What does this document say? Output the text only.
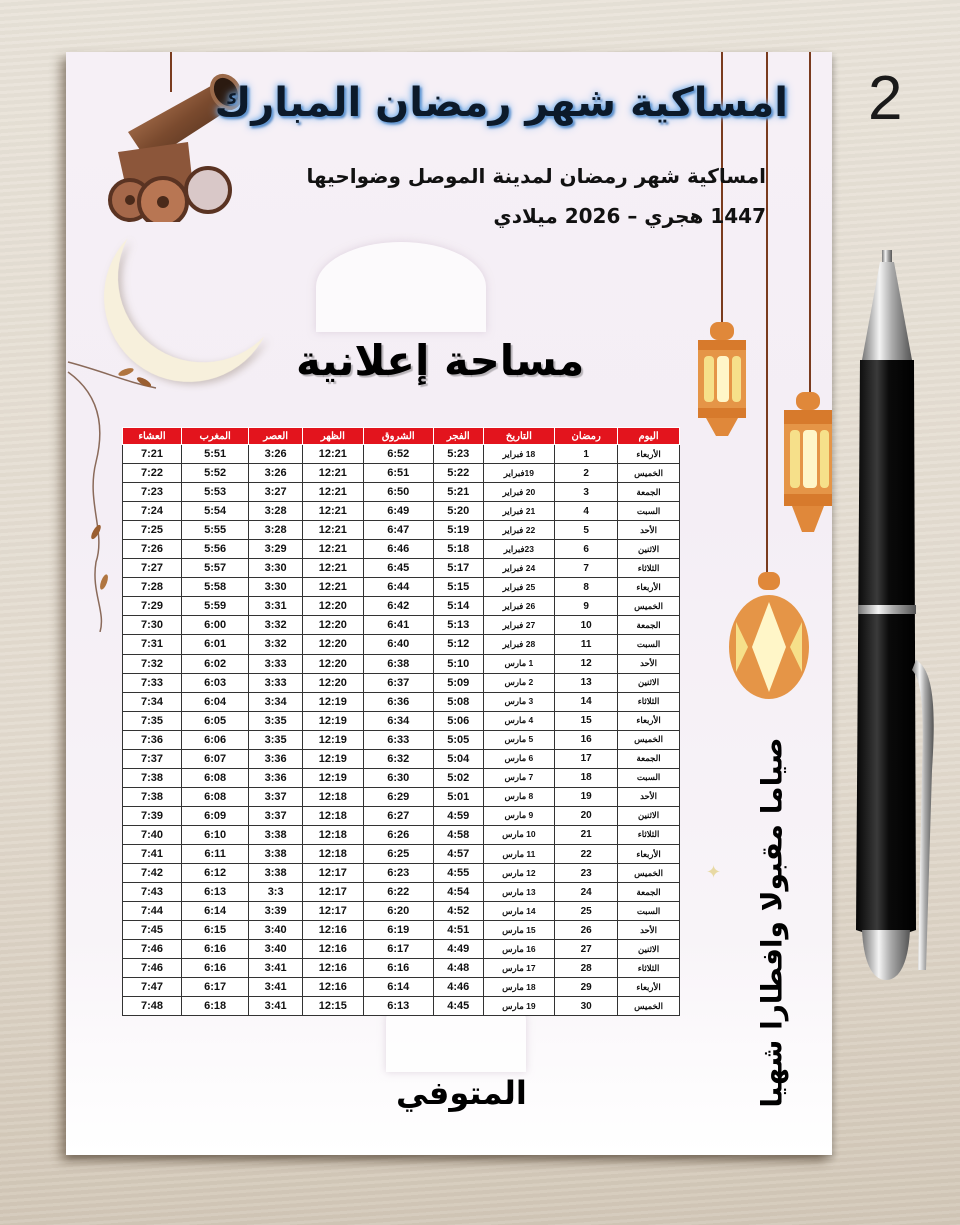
2
✦
امساكية شهر رمضان المبارك
امساكية شهر رمضان لمدينة الموصل وضواحيها
1447 هجري – 2026 ميلادي
مساحة إعلانية
اليوم	رمضان	التاريخ	الفجر	الشروق	الظهر	العصر	المغرب	العشاء
الأربعاء	1	18 فبراير	5:23	6:52	12:21	3:26	5:51	7:21
الخميس	2	19فبراير	5:22	6:51	12:21	3:26	5:52	7:22
الجمعة	3	20 فبراير	5:21	6:50	12:21	3:27	5:53	7:23
السبت	4	21 فبراير	5:20	6:49	12:21	3:28	5:54	7:24
الأحد	5	22 فبراير	5:19	6:47	12:21	3:28	5:55	7:25
الاثنين	6	23فبراير	5:18	6:46	12:21	3:29	5:56	7:26
الثلاثاء	7	24 فبراير	5:17	6:45	12:21	3:30	5:57	7:27
الأربعاء	8	25 فبراير	5:15	6:44	12:21	3:30	5:58	7:28
الخميس	9	26 فبراير	5:14	6:42	12:20	3:31	5:59	7:29
الجمعة	10	27 فبراير	5:13	6:41	12:20	3:32	6:00	7:30
السبت	11	28 فبراير	5:12	6:40	12:20	3:32	6:01	7:31
الأحد	12	1 مارس	5:10	6:38	12:20	3:33	6:02	7:32
الاثنين	13	2 مارس	5:09	6:37	12:20	3:33	6:03	7:33
الثلاثاء	14	3 مارس	5:08	6:36	12:19	3:34	6:04	7:34
الأربعاء	15	4 مارس	5:06	6:34	12:19	3:35	6:05	7:35
الخميس	16	5 مارس	5:05	6:33	12:19	3:35	6:06	7:36
الجمعة	17	6 مارس	5:04	6:32	12:19	3:36	6:07	7:37
السبت	18	7 مارس	5:02	6:30	12:19	3:36	6:08	7:38
الأحد	19	8 مارس	5:01	6:29	12:18	3:37	6:08	7:38
الاثنين	20	9 مارس	4:59	6:27	12:18	3:37	6:09	7:39
الثلاثاء	21	10 مارس	4:58	6:26	12:18	3:38	6:10	7:40
الأربعاء	22	11 مارس	4:57	6:25	12:18	3:38	6:11	7:41
الخميس	23	12 مارس	4:55	6:23	12:17	3:38	6:12	7:42
الجمعة	24	13 مارس	4:54	6:22	12:17	3:3	6:13	7:43
السبت	25	14 مارس	4:52	6:20	12:17	3:39	6:14	7:44
الأحد	26	15 مارس	4:51	6:19	12:16	3:40	6:15	7:45
الاثنين	27	16 مارس	4:49	6:17	12:16	3:40	6:16	7:46
الثلاثاء	28	17 مارس	4:48	6:16	12:16	3:41	6:16	7:46
الأربعاء	29	18 مارس	4:46	6:14	12:16	3:41	6:17	7:47
الخميس	30	19 مارس	4:45	6:13	12:15	3:41	6:18	7:48	صياما مقبولا وافطارا شهيا
المتوفي
